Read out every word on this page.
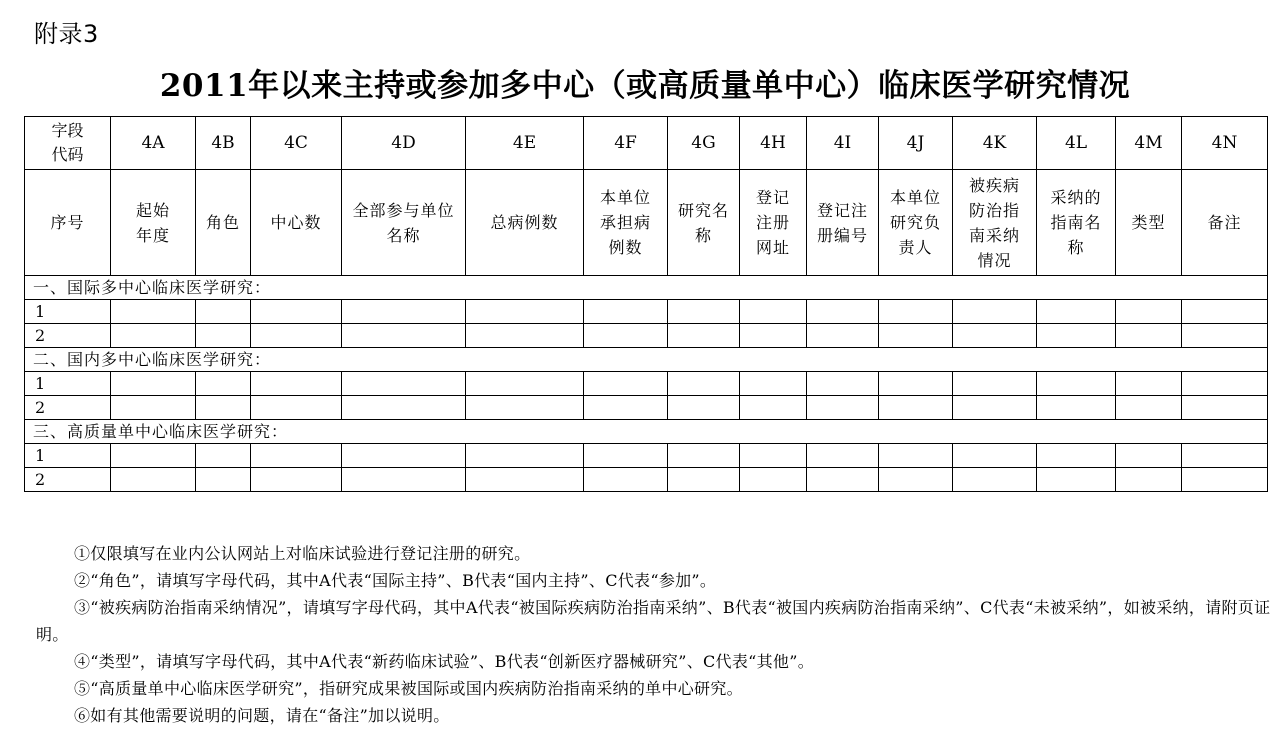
附录3
2011年以来主持或参加多中心（或高质量单中心）临床医学研究情况
字段代码	4A	4B	4C	4D	4E	4F	4G	4H	4I	4J	4K	4L	4M	4N
序号	起始年度	角色	中心数	全部参与单位名称	总病例数	本单位承担病例数	研究名称	登记注册网址	登记注册编号	本单位研究负责人	被疾病防治指南采纳情况	采纳的指南名称	类型	备注
一、国际多中心临床医学研究：														
1														
2														
二、国内多中心临床医学研究：														
1														
2														
三、高质量单中心临床医学研究：														
1														
2														
①仅限填写在业内公认网站上对临床试验进行登记注册的研究。
②“角色”，请填写字母代码，其中A代表“国际主持”、B代表“国内主持”、C代表“参加”。
③“被疾病防治指南采纳情况”，请填写字母代码，其中A代表“被国际疾病防治指南采纳”、B代表“被国内疾病防治指南采纳”、C代表“未被采纳”，如被采纳，请附页证明。
④“类型”，请填写字母代码，其中A代表“新药临床试验”、B代表“创新医疗器械研究”、C代表“其他”。
⑤“高质量单中心临床医学研究”，指研究成果被国际或国内疾病防治指南采纳的单中心研究。
⑥如有其他需要说明的问题，请在“备注”加以说明。
